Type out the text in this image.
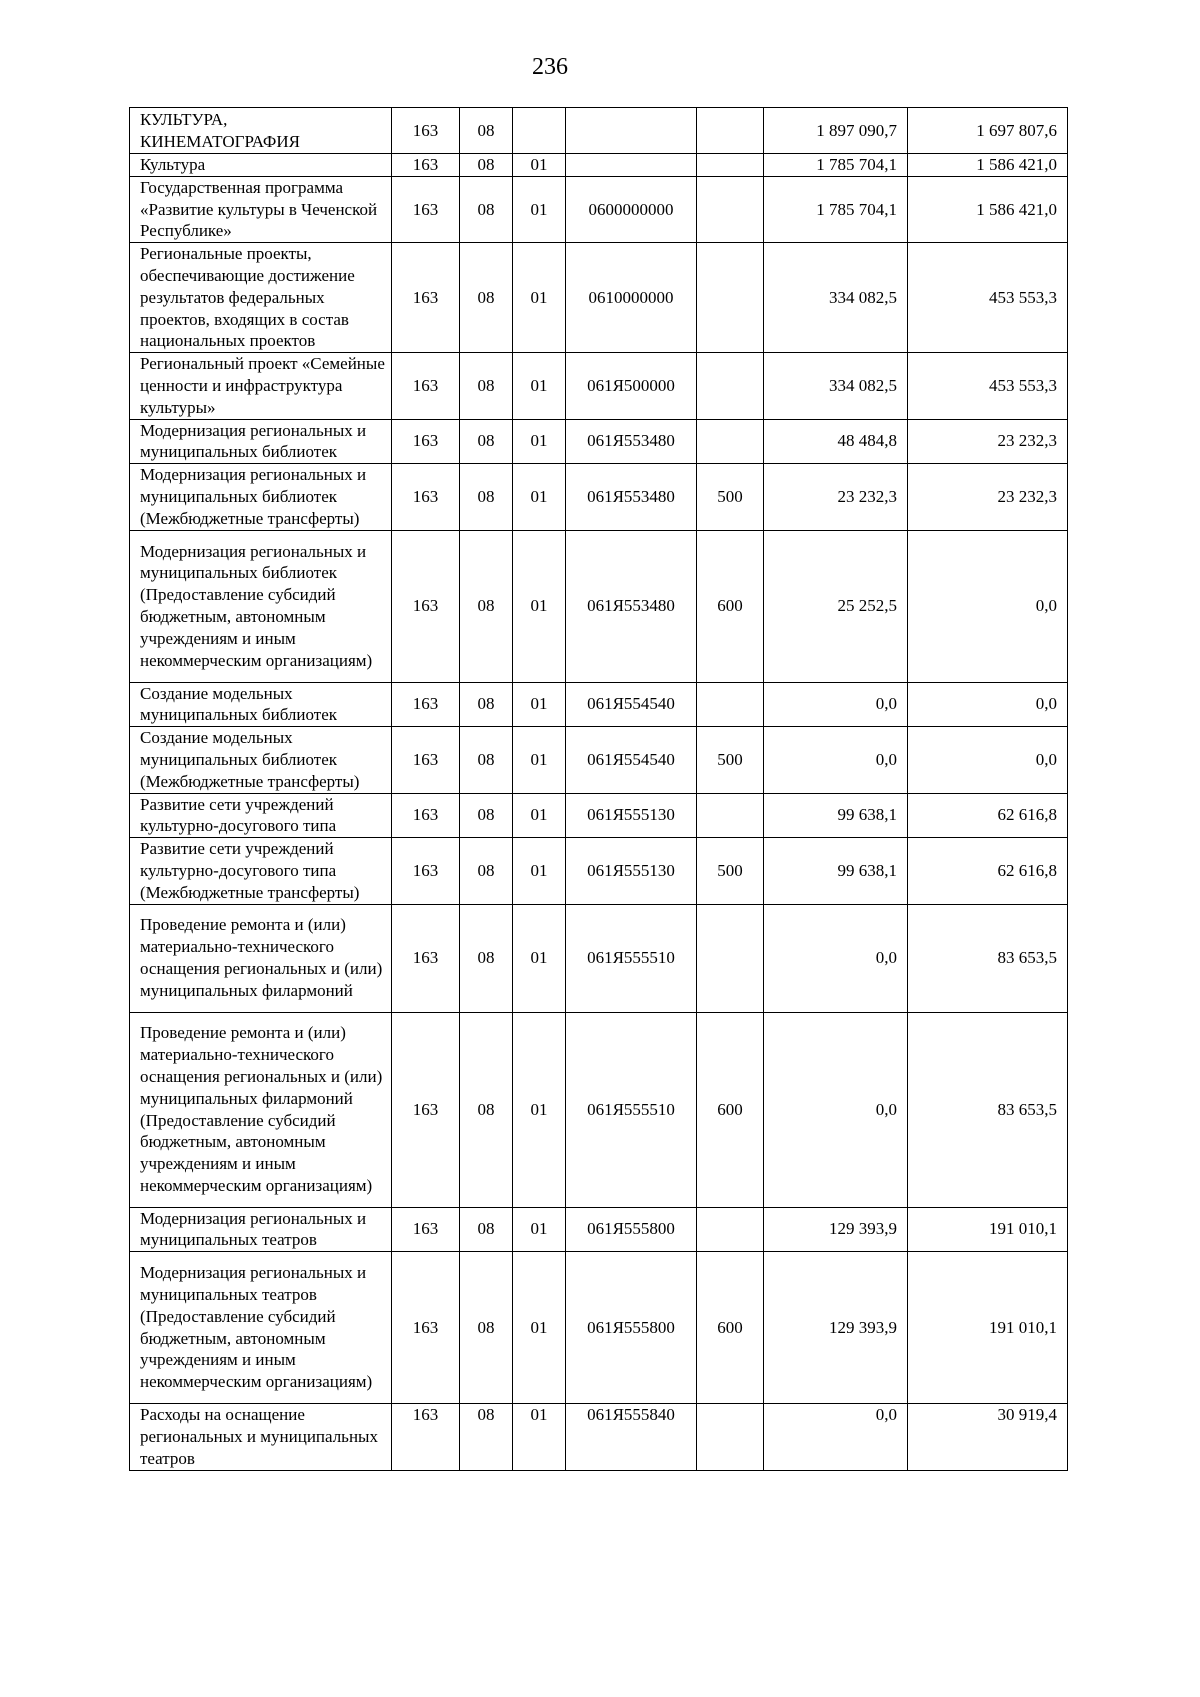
236
КУЛЬТУРА, КИНЕМАТОГРАФИЯ	163	08				1 897 090,7	1 697 807,6
Культура	163	08	01			1 785 704,1	1 586 421,0
Государственная программа «Развитие культуры в Чеченской Республике»	163	08	01	0600000000		1 785 704,1	1 586 421,0
Региональные проекты, обеспечивающие достижение результатов федеральных проектов, входящих в состав национальных проектов	163	08	01	0610000000		334 082,5	453 553,3
Региональный проект «Семейные ценности и инфраструктура культуры»	163	08	01	061Я500000		334 082,5	453 553,3
Модернизация региональных и муниципальных библиотек	163	08	01	061Я553480		48 484,8	23 232,3
Модернизация региональных и муниципальных библиотек (Межбюджетные трансферты)	163	08	01	061Я553480	500	23 232,3	23 232,3
Модернизация региональных и муниципальных библиотек (Предоставление субсидий бюджетным, автономным учреждениям и иным некоммерческим организациям)	163	08	01	061Я553480	600	25 252,5	0,0
Создание модельных муниципальных библиотек	163	08	01	061Я554540		0,0	0,0
Создание модельных муниципальных библиотек (Межбюджетные трансферты)	163	08	01	061Я554540	500	0,0	0,0
Развитие сети учреждений культурно-досугового типа	163	08	01	061Я555130		99 638,1	62 616,8
Развитие сети учреждений культурно-досугового типа (Межбюджетные трансферты)	163	08	01	061Я555130	500	99 638,1	62 616,8
Проведение ремонта и (или) материально-технического оснащения региональных и (или) муниципальных филармоний	163	08	01	061Я555510		0,0	83 653,5
Проведение ремонта и (или) материально-технического оснащения региональных и (или) муниципальных филармоний (Предоставление субсидий бюджетным, автономным учреждениям и иным некоммерческим организациям)	163	08	01	061Я555510	600	0,0	83 653,5
Модернизация региональных и муниципальных театров	163	08	01	061Я555800		129 393,9	191 010,1
Модернизация региональных и муниципальных театров (Предоставление субсидий бюджетным, автономным учреждениям и иным некоммерческим организациям)	163	08	01	061Я555800	600	129 393,9	191 010,1
Расходы на оснащение региональных и муниципальных театров	163	08	01	061Я555840		0,0	30 919,4
